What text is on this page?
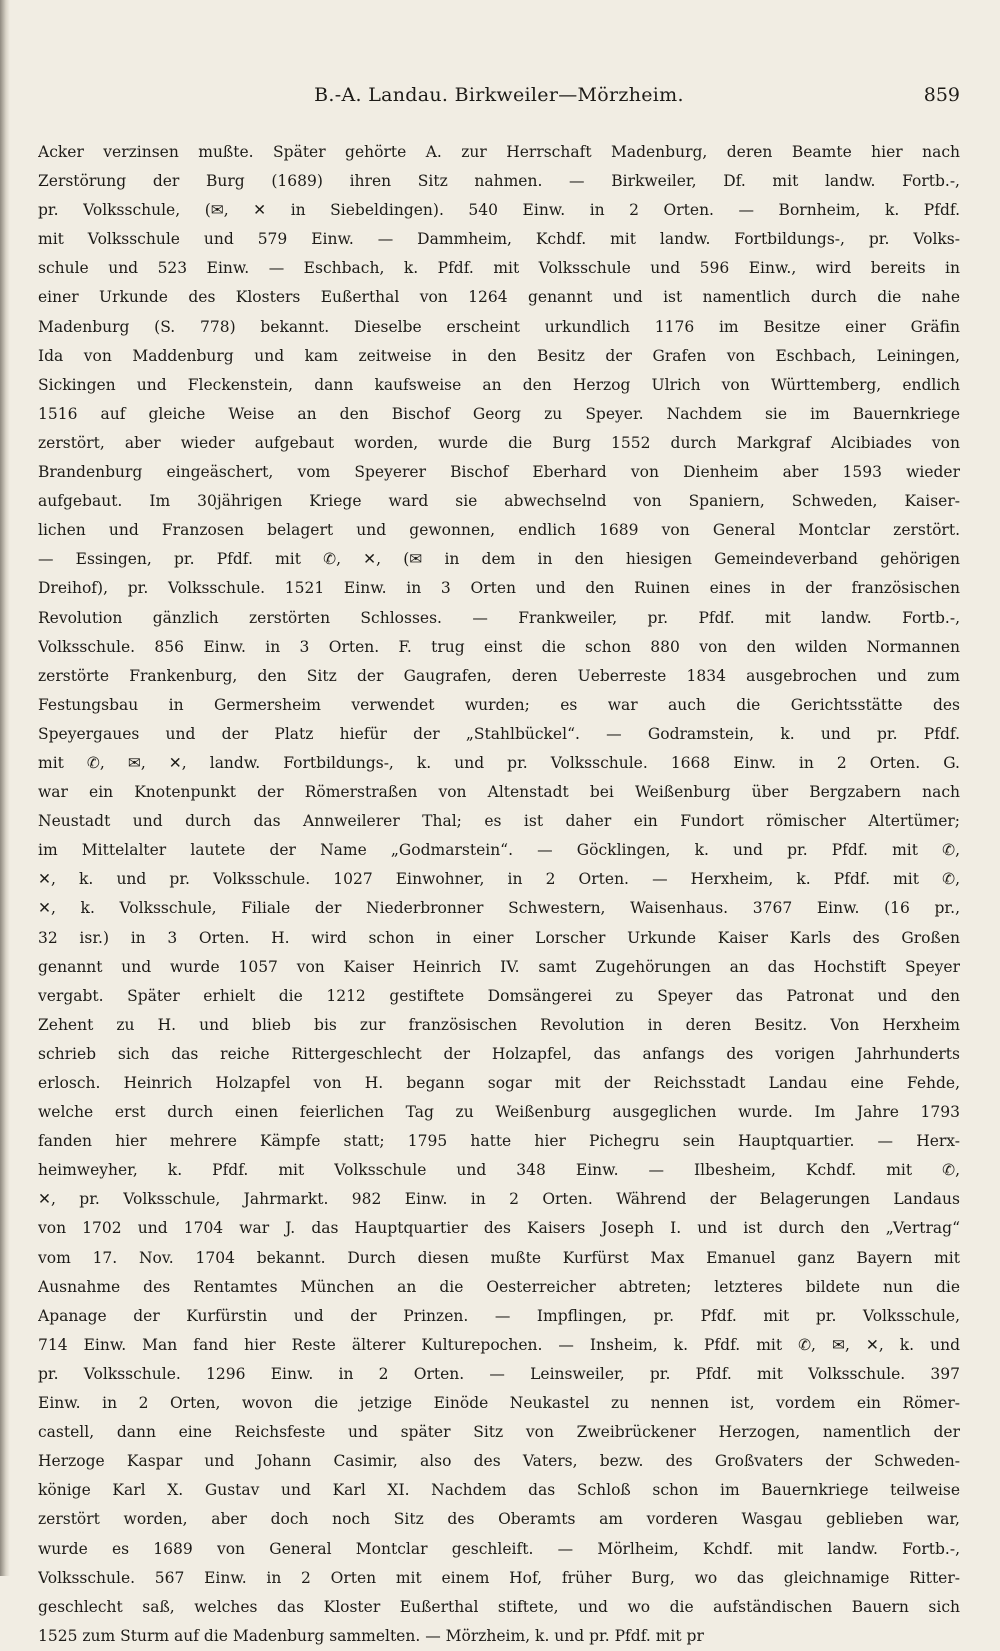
B.-A. Landau. Birkweiler—Mörzheim.	859
Acker verzinsen mußte. Später gehörte A. zur Herrschaft Madenburg, deren Beamte hier nach
Zerstörung der Burg (1689) ihren Sitz nahmen. — Birkweiler, Df. mit landw. Fortb.-,
pr. Volksschule, (✉, ✕ in Siebeldingen). 540 Einw. in 2 Orten. — Bornheim, k. Pfdf.
mit Volksschule und 579 Einw. — Dammheim, Kchdf. mit landw. Fortbildungs-, pr. Volks-
schule und 523 Einw. — Eschbach, k. Pfdf. mit Volksschule und 596 Einw., wird bereits in
einer Urkunde des Klosters Eußerthal von 1264 genannt und ist namentlich durch die nahe
Madenburg (S. 778) bekannt. Dieselbe erscheint urkundlich 1176 im Besitze einer Gräfin
Ida von Maddenburg und kam zeitweise in den Besitz der Grafen von Eschbach, Leiningen,
Sickingen und Fleckenstein, dann kaufsweise an den Herzog Ulrich von Württemberg, endlich
1516 auf gleiche Weise an den Bischof Georg zu Speyer. Nachdem sie im Bauernkriege
zerstört, aber wieder aufgebaut worden, wurde die Burg 1552 durch Markgraf Alcibiades von
Brandenburg eingeäschert, vom Speyerer Bischof Eberhard von Dienheim aber 1593 wieder
aufgebaut. Im 30jährigen Kriege ward sie abwechselnd von Spaniern, Schweden, Kaiser-
lichen und Franzosen belagert und gewonnen, endlich 1689 von General Montclar zerstört.
— Essingen, pr. Pfdf. mit ✆, ✕, (✉ in dem in den hiesigen Gemeindeverband gehörigen
Dreihof), pr. Volksschule. 1521 Einw. in 3 Orten und den Ruinen eines in der französischen
Revolution gänzlich zerstörten Schlosses. — Frankweiler, pr. Pfdf. mit landw. Fortb.-,
Volksschule. 856 Einw. in 3 Orten. F. trug einst die schon 880 von den wilden Normannen
zerstörte Frankenburg, den Sitz der Gaugrafen, deren Ueberreste 1834 ausgebrochen und zum
Festungsbau in Germersheim verwendet wurden; es war auch die Gerichtsstätte des
Speyergaues und der Platz hiefür der „Stahlbückel“. — Godramstein, k. und pr. Pfdf.
mit ✆, ✉, ✕, landw. Fortbildungs-, k. und pr. Volksschule. 1668 Einw. in 2 Orten. G.
war ein Knotenpunkt der Römerstraßen von Altenstadt bei Weißenburg über Bergzabern nach
Neustadt und durch das Annweilerer Thal; es ist daher ein Fundort römischer Altertümer;
im Mittelalter lautete der Name „Godmarstein“. — Göcklingen, k. und pr. Pfdf. mit ✆,
✕, k. und pr. Volksschule. 1027 Einwohner, in 2 Orten. — Herxheim, k. Pfdf. mit ✆,
✕, k. Volksschule, Filiale der Niederbronner Schwestern, Waisenhaus. 3767 Einw. (16 pr.,
32 isr.) in 3 Orten. H. wird schon in einer Lorscher Urkunde Kaiser Karls des Großen
genannt und wurde 1057 von Kaiser Heinrich IV. samt Zugehörungen an das Hochstift Speyer
vergabt. Später erhielt die 1212 gestiftete Domsängerei zu Speyer das Patronat und den
Zehent zu H. und blieb bis zur französischen Revolution in deren Besitz. Von Herxheim
schrieb sich das reiche Rittergeschlecht der Holzapfel, das anfangs des vorigen Jahrhunderts
erlosch. Heinrich Holzapfel von H. begann sogar mit der Reichsstadt Landau eine Fehde,
welche erst durch einen feierlichen Tag zu Weißenburg ausgeglichen wurde. Im Jahre 1793
fanden hier mehrere Kämpfe statt; 1795 hatte hier Pichegru sein Hauptquartier. — Herx-
heimweyher, k. Pfdf. mit Volksschule und 348 Einw. — Ilbesheim, Kchdf. mit ✆,
✕, pr. Volksschule, Jahrmarkt. 982 Einw. in 2 Orten. Während der Belagerungen Landaus
von 1702 und 1704 war J. das Hauptquartier des Kaisers Joseph I. und ist durch den „Vertrag“
vom 17. Nov. 1704 bekannt. Durch diesen mußte Kurfürst Max Emanuel ganz Bayern mit
Ausnahme des Rentamtes München an die Oesterreicher abtreten; letzteres bildete nun die
Apanage der Kurfürstin und der Prinzen. — Impflingen, pr. Pfdf. mit pr. Volksschule,
714 Einw. Man fand hier Reste älterer Kulturepochen. — Insheim, k. Pfdf. mit ✆, ✉, ✕, k. und
pr. Volksschule. 1296 Einw. in 2 Orten. — Leinsweiler, pr. Pfdf. mit Volksschule. 397
Einw. in 2 Orten, wovon die jetzige Einöde Neukastel zu nennen ist, vordem ein Römer-
castell, dann eine Reichsfeste und später Sitz von Zweibrückener Herzogen, namentlich der
Herzoge Kaspar und Johann Casimir, also des Vaters, bezw. des Großvaters der Schweden-
könige Karl X. Gustav und Karl XI. Nachdem das Schloß schon im Bauernkriege teilweise
zerstört worden, aber doch noch Sitz des Oberamts am vorderen Wasgau geblieben war,
wurde es 1689 von General Montclar geschleift. — Mörlheim, Kchdf. mit landw. Fortb.-,
Volksschule. 567 Einw. in 2 Orten mit einem Hof, früher Burg, wo das gleichnamige Ritter-
geschlecht saß, welches das Kloster Eußerthal stiftete, und wo die aufständischen Bauern sich
1525 zum Sturm auf die Madenburg sammelten. — Mörzheim, k. und pr. Pfdf. mit pr
